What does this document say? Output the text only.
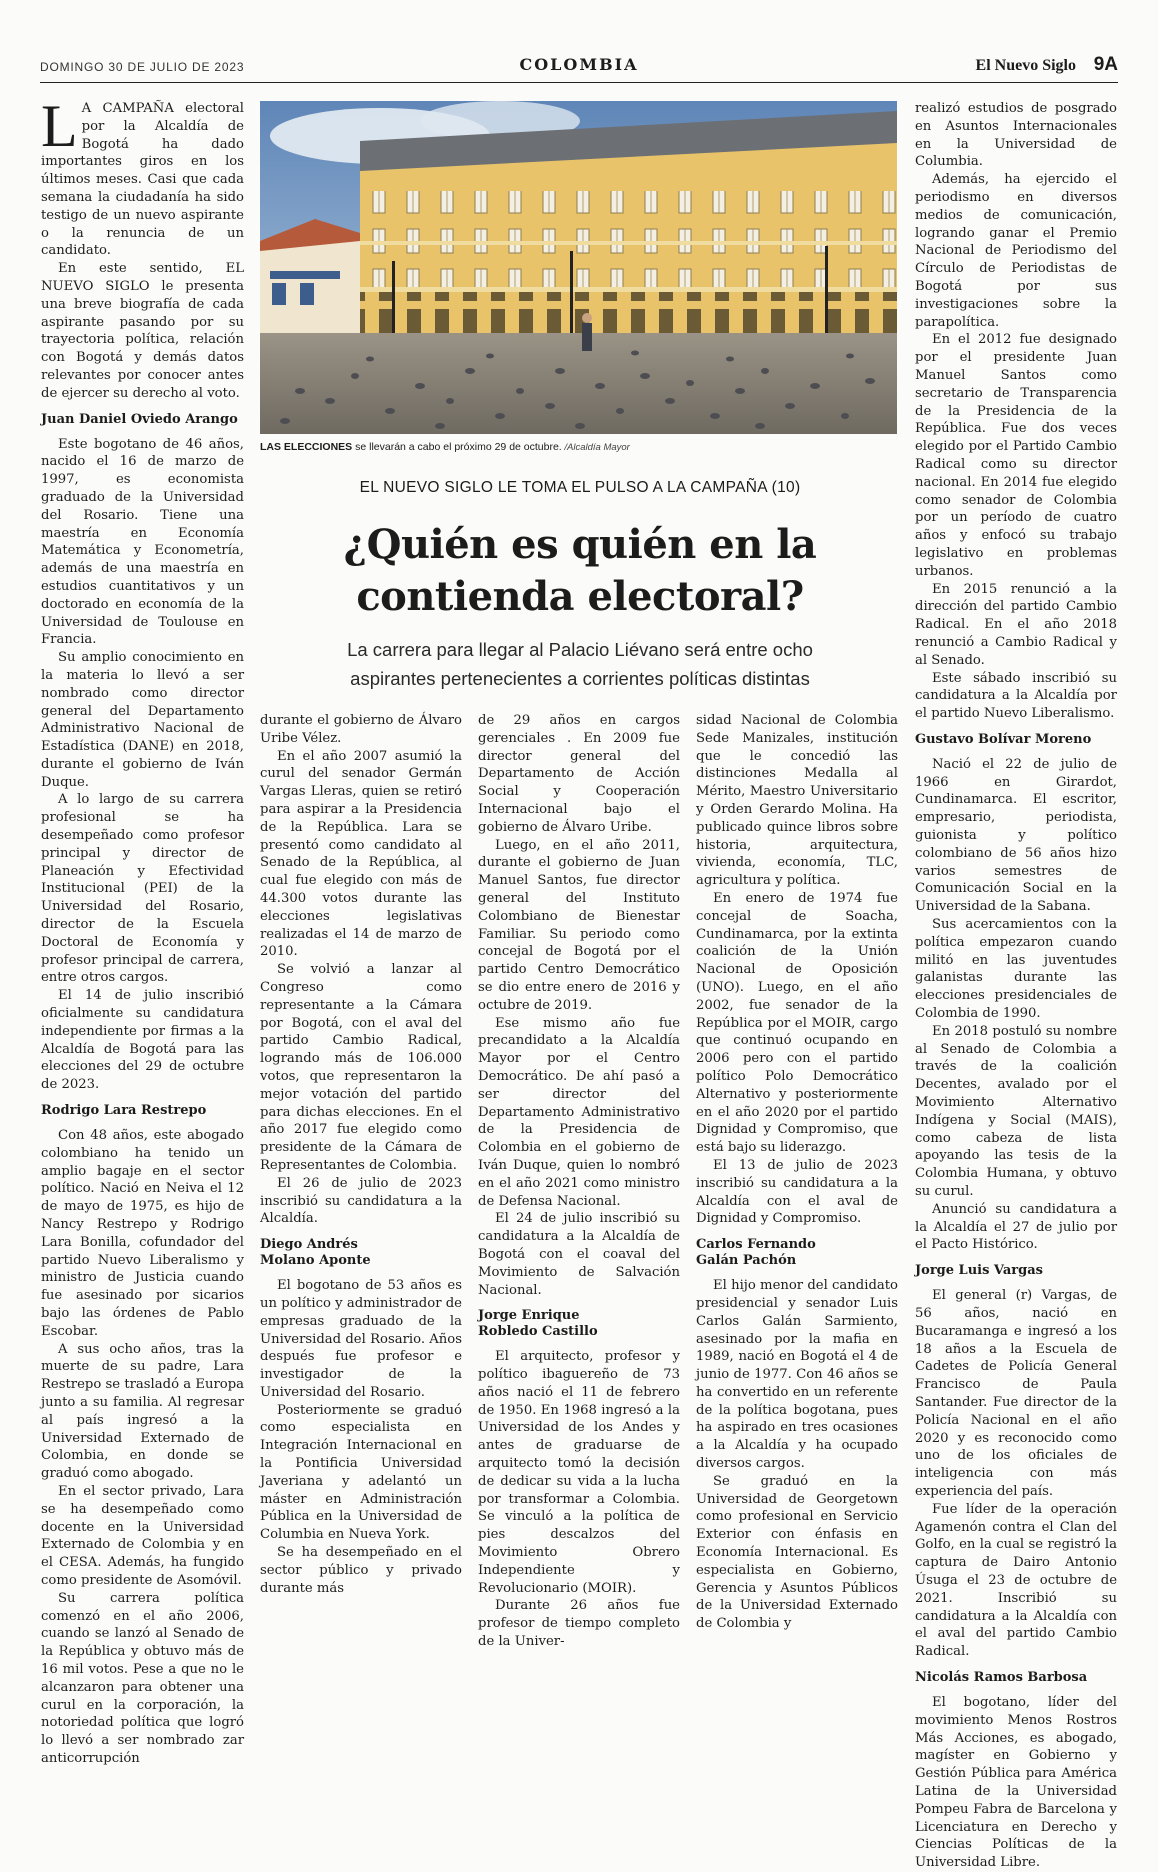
DOMINGO 30 DE JULIO DE 2023	COLOMBIA	El Nuevo Siglo 9A

L A CAMPAÑA electoral por la Alcaldía de Bogotá ha dado importantes giros en los últimos meses. Casi que cada semana la ciudadanía ha sido testigo de un nuevo aspirante o la renuncia de un candidato.

En este sentido, EL NUEVO SIGLO le presenta una breve biografía de cada aspirante pasando por su trayectoria política, relación con Bogotá y demás datos relevantes por conocer antes de ejercer su derecho al voto.

Juan Daniel Oviedo Arango

Este bogotano de 46 años, nacido el 16 de marzo de 1997, es economista graduado de la Universidad del Rosario. Tiene una maestría en Economía Matemática y Econometría, además de una maestría en estudios cuantitativos y un doctorado en economía de la Universidad de Toulouse en Francia.

Su amplio conocimiento en la materia lo llevó a ser nombrado como director general del Departamento Administrativo Nacional de Estadística (DANE) en 2018, durante el gobierno de Iván Duque.

A lo largo de su carrera profesional se ha desempeñado como profesor principal y director de Planeación y Efectividad Institucional (PEI) de la Universidad del Rosario, director de la Escuela Doctoral de Economía y profesor principal de carrera, entre otros cargos.

El 14 de julio inscribió oficialmente su candidatura independiente por firmas a la Alcaldía de Bogotá para las elecciones del 29 de octubre de 2023.

Rodrigo Lara Restrepo

Con 48 años, este abogado colombiano ha tenido un amplio bagaje en el sector político. Nació en Neiva el 12 de mayo de 1975, es hijo de Nancy Restrepo y Rodrigo Lara Bonilla, cofundador del partido Nuevo Liberalismo y ministro de Justicia cuando fue asesinado por sicarios bajo las órdenes de Pablo Escobar.

A sus ocho años, tras la muerte de su padre, Lara Restrepo se trasladó a Europa junto a su familia. Al regresar al país ingresó a la Universidad Externado de Colombia, en donde se graduó como abogado.

En el sector privado, Lara se ha desempeñado como docente en la Universidad Externado de Colombia y en el CESA. Además, ha fungido como presidente de Asomóvil.

Su carrera política comenzó en el año 2006, cuando se lanzó al Senado de la República y obtuvo más de 16 mil votos. Pese a que no le alcanzaron para obtener una curul en la corporación, la notoriedad política que logró lo llevó a ser nombrado zar anticorrupción

LAS ELECCIONES se llevarán a cabo el próximo 29 de octubre. /Alcaldía Mayor
EL NUEVO SIGLO LE TOMA EL PULSO A LA CAMPAÑA (10)
¿Quién es quién en la
contienda electoral?
La carrera para llegar al Palacio Liévano será entre ocho
aspirantes pertenecientes a corrientes políticas distintas

durante el gobierno de Álvaro Uribe Vélez.

En el año 2007 asumió la curul del senador Germán Vargas Lleras, quien se retiró para aspirar a la Presidencia de la República. Lara se presentó como candidato al Senado de la República, al cual fue elegido con más de 44.300 votos durante las elecciones legislativas realizadas el 14 de marzo de 2010.

Se volvió a lanzar al Congreso como representante a la Cámara por Bogotá, con el aval del partido Cambio Radical, logrando más de 106.000 votos, que representaron la mejor votación del partido para dichas elecciones. En el año 2017 fue elegido como presidente de la Cámara de Representantes de Colombia.

El 26 de julio de 2023 inscribió su candidatura a la Alcaldía.

Diego Andrés
Molano Aponte

El bogotano de 53 años es un político y administrador de empresas graduado de la Universidad del Rosario. Años después fue profesor e investigador de la Universidad del Rosario.

Posteriormente se graduó como especialista en Integración Internacional en la Pontificia Universidad Javeriana y adelantó un máster en Administración Pública en la Universidad de Columbia en Nueva York.

Se ha desempeñado en el sector público y privado durante más

de 29 años en cargos gerenciales . En 2009 fue director general del Departamento de Acción Social y Cooperación Internacional bajo el gobierno de Álvaro Uribe.

Luego, en el año 2011, durante el gobierno de Juan Manuel Santos, fue director general del Instituto Colombiano de Bienestar Familiar. Su periodo como concejal de Bogotá por el partido Centro Democrático se dio entre enero de 2016 y octubre de 2019.

Ese mismo año fue precandidato a la Alcaldía Mayor por el Centro Democrático. De ahí pasó a ser director del Departamento Administrativo de la Presidencia de Colombia en el gobierno de Iván Duque, quien lo nombró en el año 2021 como ministro de Defensa Nacional.

El 24 de julio inscribió su candidatura a la Alcaldía de Bogotá con el coaval del Movimiento de Salvación Nacional.

Jorge Enrique
Robledo Castillo

El arquitecto, profesor y político ibaguereño de 73 años nació el 11 de febrero de 1950. En 1968 ingresó a la Universidad de los Andes y antes de graduarse de arquitecto tomó la decisión de dedicar su vida a la lucha por transformar a Colombia. Se vinculó a la política de pies descalzos del Movimiento Obrero Independiente y Revolucionario (MOIR).

Durante 26 años fue profesor de tiempo completo de la Univer-

sidad Nacional de Colombia Sede Manizales, institución que le concedió las distinciones Medalla al Mérito, Maestro Universitario y Orden Gerardo Molina. Ha publicado quince libros sobre historia, arquitectura, vivienda, economía, TLC, agricultura y política.

En enero de 1974 fue concejal de Soacha, Cundinamarca, por la extinta coalición de la Unión Nacional de Oposición (UNO). Luego, en el año 2002, fue senador de la República por el MOIR, cargo que continuó ocupando en 2006 pero con el partido político Polo Democrático Alternativo y posteriormente en el año 2020 por el partido Dignidad y Compromiso, que está bajo su liderazgo.

El 13 de julio de 2023 inscribió su candidatura a la Alcaldía con el aval de Dignidad y Compromiso.

Carlos Fernando
Galán Pachón

El hijo menor del candidato presidencial y senador Luis Carlos Galán Sarmiento, asesinado por la mafia en 1989, nació en Bogotá el 4 de junio de 1977. Con 46 años se ha convertido en un referente de la política bogotana, pues ha aspirado en tres ocasiones a la Alcaldía y ha ocupado diversos cargos.

Se graduó en la Universidad de Georgetown como profesional en Servicio Exterior con énfasis en Economía Internacional. Es especialista en Gobierno, Gerencia y Asuntos Públicos de la Universidad Externado de Colombia y

realizó estudios de posgrado en Asuntos Internacionales en la Universidad de Columbia.

Además, ha ejercido el periodismo en diversos medios de comunicación, logrando ganar el Premio Nacional de Periodismo del Círculo de Periodistas de Bogotá por sus investigaciones sobre la parapolítica.

En el 2012 fue designado por el presidente Juan Manuel Santos como secretario de Transparencia de la Presidencia de la República. Fue dos veces elegido por el Partido Cambio Radical como su director nacional. En 2014 fue elegido como senador de Colombia por un período de cuatro años y enfocó su trabajo legislativo en problemas urbanos.

En 2015 renunció a la dirección del partido Cambio Radical. En el año 2018 renunció a Cambio Radical y al Senado.

Este sábado inscribió su candidatura a la Alcaldía por el partido Nuevo Liberalismo.

Gustavo Bolívar Moreno

Nació el 22 de julio de 1966 en Girardot, Cundinamarca. El escritor, empresario, periodista, guionista y político colombiano de 56 años hizo varios semestres de Comunicación Social en la Universidad de la Sabana.

Sus acercamientos con la política empezaron cuando militó en las juventudes galanistas durante las elecciones presidenciales de Colombia de 1990.

En 2018 postuló su nombre al Senado de Colombia a través de la coalición Decentes, avalado por el Movimiento Alternativo Indígena y Social (MAIS), como cabeza de lista apoyando las tesis de la Colombia Humana, y obtuvo su curul.

Anunció su candidatura a la Alcaldía el 27 de julio por el Pacto Histórico.

Jorge Luis Vargas

El general (r) Vargas, de 56 años, nació en Bucaramanga e ingresó a los 18 años a la Escuela de Cadetes de Policía General Francisco de Paula Santander. Fue director de la Policía Nacional en el año 2020 y es reconocido como uno de los oficiales de inteligencia con más experiencia del país.

Fue líder de la operación Agamenón contra el Clan del Golfo, en la cual se registró la captura de Dairo Antonio Úsuga el 23 de octubre de 2021. Inscribió su candidatura a la Alcaldía con el aval del partido Cambio Radical.

Nicolás Ramos Barbosa

El bogotano, líder del movimiento Menos Rostros Más Acciones, es abogado, magíster en Gobierno y Gestión Pública para América Latina de la Universidad Pompeu Fabra de Barcelona y Licenciatura en Derecho y Ciencias Políticas de la Universidad Libre.
